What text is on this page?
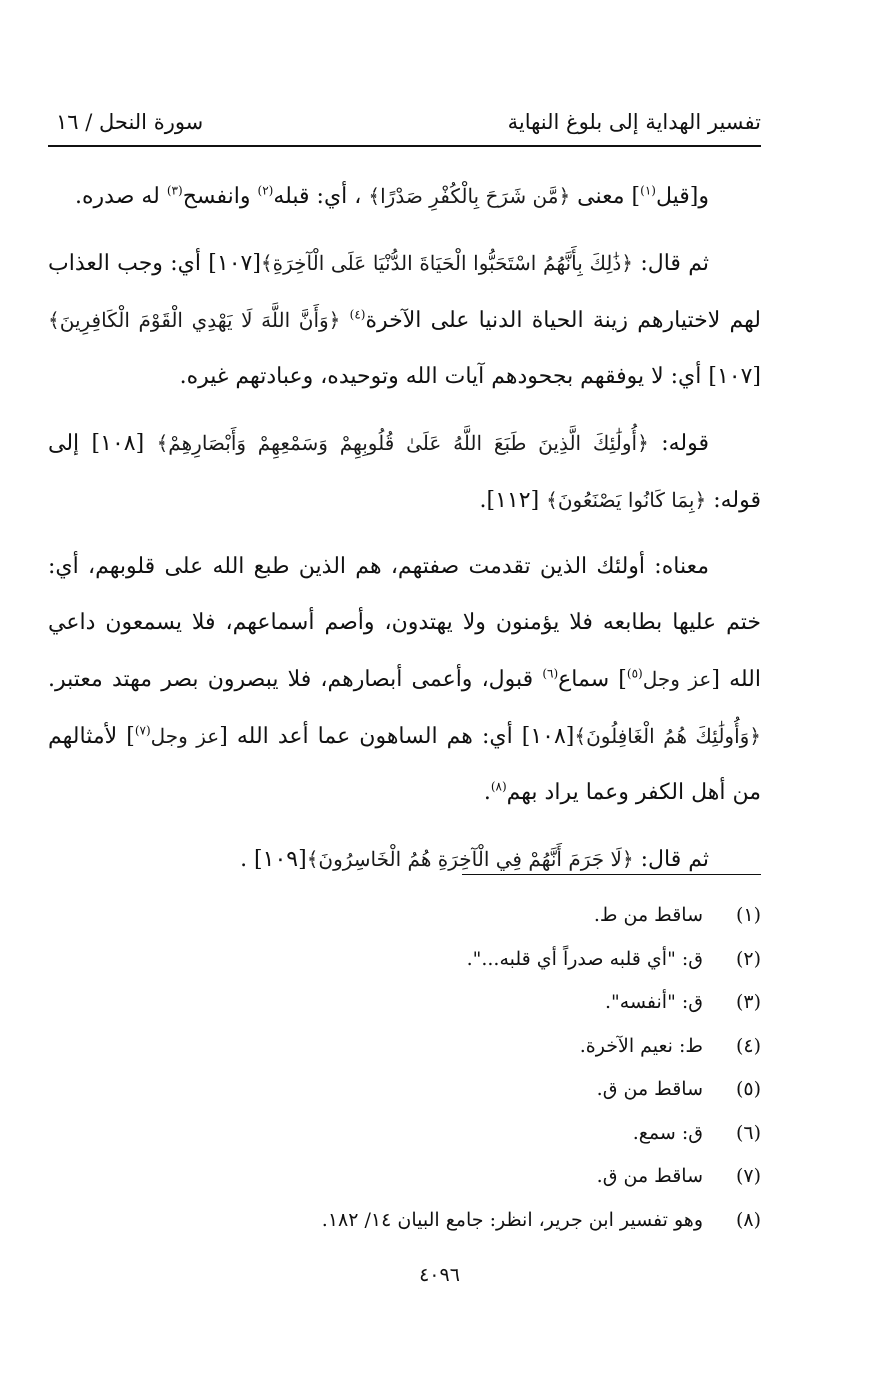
تفسير الهداية إلى بلوغ النهاية
سورة النحل / ١٦

و[قيل$^{(١)}$] معنى ﴿مَّن شَرَحَ بِالْكُفْرِ صَدْرًا﴾ ، أي: قبله$^{(٢)}$ وانفسح$^{(٣)}$ له صدره.

ثم قال: ﴿ذَٰلِكَ بِأَنَّهُمُ اسْتَحَبُّوا الْحَيَاةَ الدُّنْيَا عَلَى الْآخِرَةِ﴾[١٠٧] أي: وجب العذاب لهم لاختيارهم زينة الحياة الدنيا على الآخرة$^{(٤)}$ ﴿وَأَنَّ اللَّهَ لَا يَهْدِي الْقَوْمَ الْكَافِرِينَ﴾[١٠٧] أي: لا يوفقهم بجحودهم آيات الله وتوحيده، وعبادتهم غيره.

قوله: ﴿أُولَٰئِكَ الَّذِينَ طَبَعَ اللَّهُ عَلَىٰ قُلُوبِهِمْ وَسَمْعِهِمْ وَأَبْصَارِهِمْ﴾ [١٠٨] إلى قوله: ﴿بِمَا كَانُوا يَصْنَعُونَ﴾ [١١٢].

معناه: أولئك الذين تقدمت صفتهم، هم الذين طبع الله على قلوبهم، أي: ختم عليها بطابعه فلا يؤمنون ولا يهتدون، وأصم أسماعهم، فلا يسمعون داعي الله [عز وجل$^{(٥)}$] سماع$^{(٦)}$ قبول، وأعمى أبصارهم، فلا يبصرون بصر مهتد معتبر. ﴿وَأُولَٰئِكَ هُمُ الْغَافِلُونَ﴾[١٠٨] أي: هم الساهون عما أعد الله [عز وجل$^{(٧)}$] لأمثالهم من أهل الكفر وعما يراد بهم$^{(٨)}$.

ثم قال: ﴿لَا جَرَمَ أَنَّهُمْ فِي الْآخِرَةِ هُمُ الْخَاسِرُونَ﴾[١٠٩] .

(١)ساقط من ط.
(٢)ق: "أي قلبه صدراً أي قلبه...".
(٣)ق: "أنفسه".
(٤)ط: نعيم الآخرة.
(٥)ساقط من ق.
(٦)ق: سمع.
(٧)ساقط من ق.
(٨)وهو تفسير ابن جرير، انظر: جامع البيان ١٤/ ١٨٢.
٤٠٩٦
